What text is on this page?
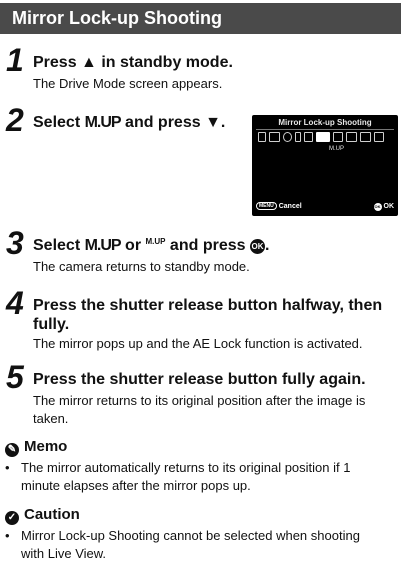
Mirror Lock-up Shooting
1 Press ▲ in standby mode.
The Drive Mode screen appears.
2 Select M.UP and press ▼.	Mirror Lock-up Shooting
M.UP
MENU Cancel	OK OK
3 Select M.UP or M.UP and press OK.
The camera returns to standby mode.
4 Press the shutter release button halfway, then
fully.
The mirror pops up and the AE Lock function is activated.
5 Press the shutter release button fully again.
The mirror returns to its original position after the image is
taken.
✎ Memo
• The mirror automatically returns to its original position if 1
minute elapses after the mirror pops up.
✓ Caution
• Mirror Lock-up Shooting cannot be selected when shooting
with Live View.
